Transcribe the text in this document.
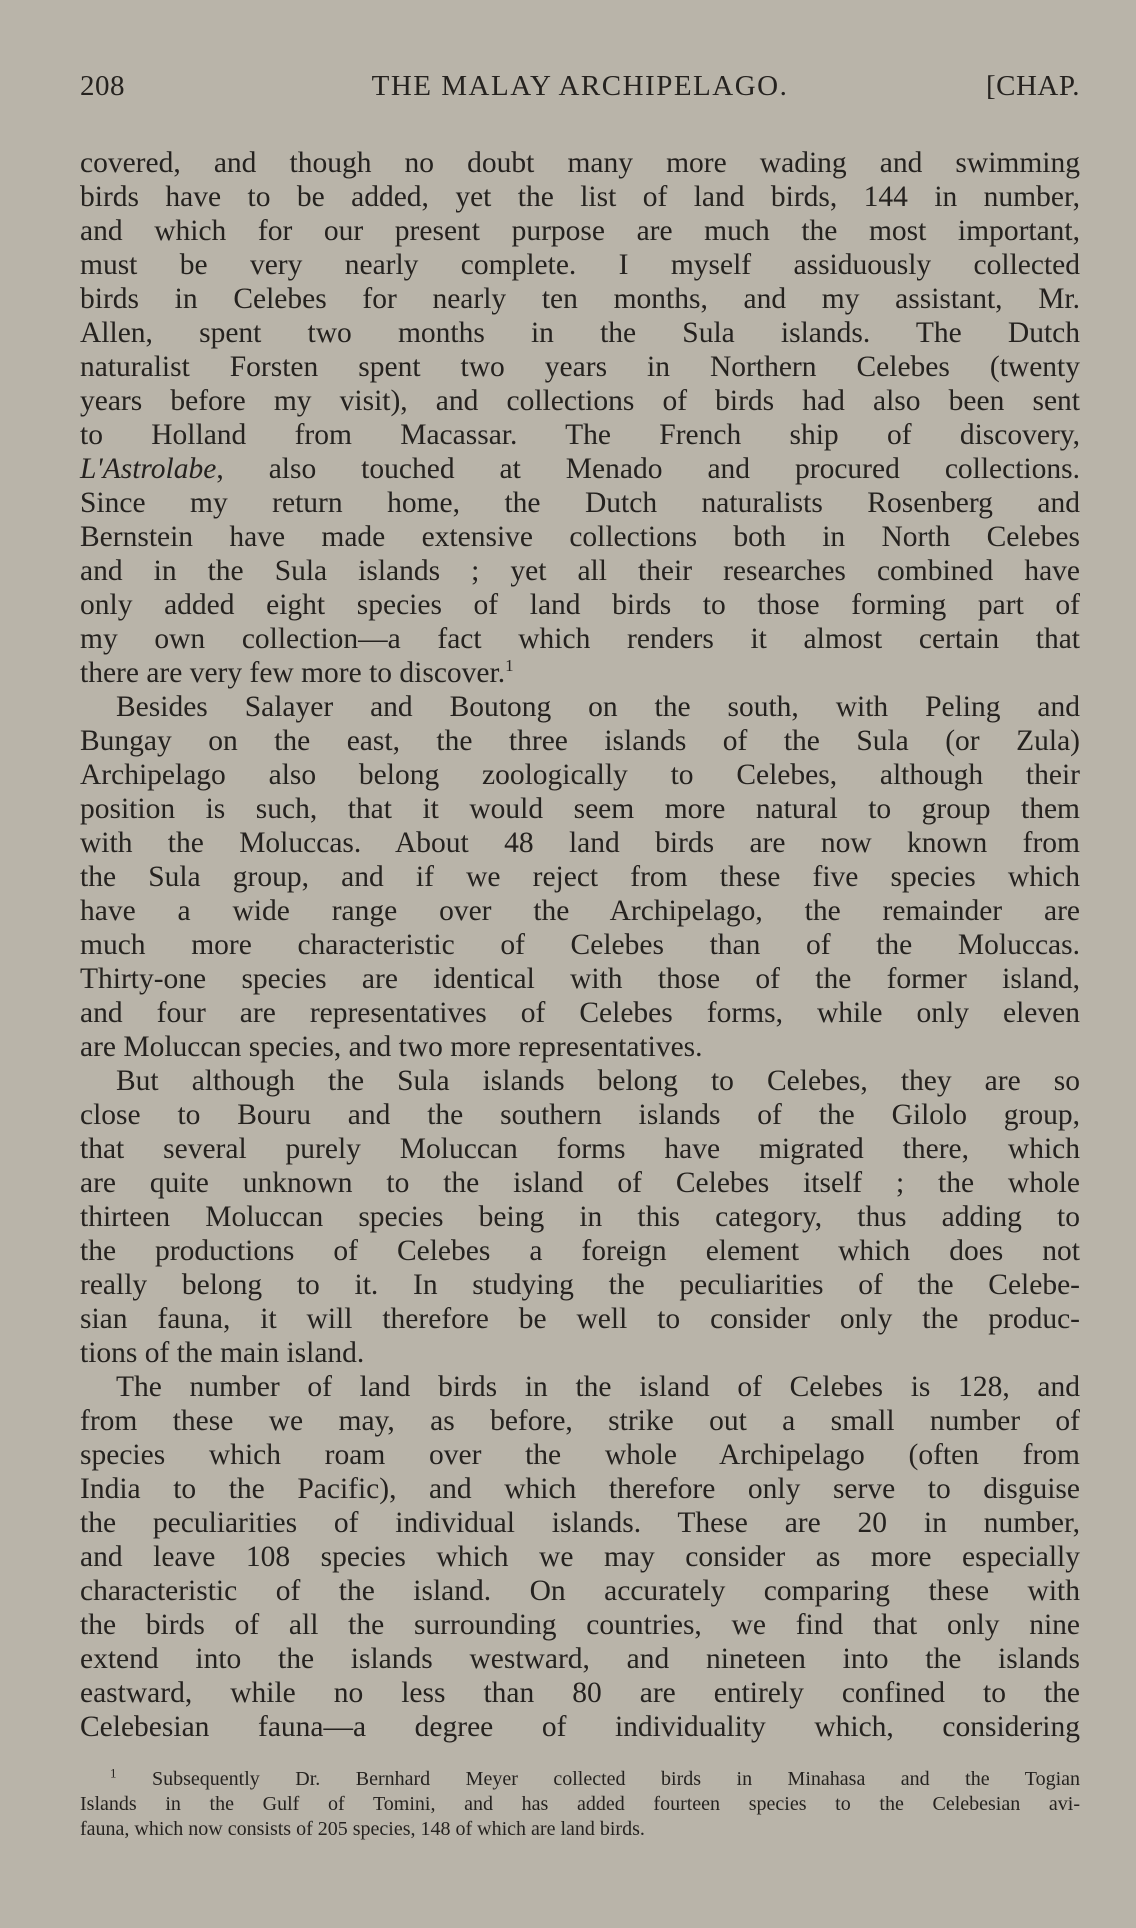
208	THE MALAY ARCHIPELAGO.	[CHAP.
covered, and though no doubt many more wading and swimming
birds have to be added, yet the list of land birds, 144 in number,
and which for our present purpose are much the most important,
must be very nearly complete. I myself assiduously collected
birds in Celebes for nearly ten months, and my assistant, Mr.
Allen, spent two months in the Sula islands. The Dutch
naturalist Forsten spent two years in Northern Celebes (twenty
years before my visit), and collections of birds had also been sent
to Holland from Macassar. The French ship of discovery,
L'Astrolabe, also touched at Menado and procured collections.
Since my return home, the Dutch naturalists Rosenberg and
Bernstein have made extensive collections both in North Celebes
and in the Sula islands ; yet all their researches combined have
only added eight species of land birds to those forming part of
my own collection—a fact which renders it almost certain that
there are very few more to discover.$^1$
Besides Salayer and Boutong on the south, with Peling and
Bungay on the east, the three islands of the Sula (or Zula)
Archipelago also belong zoologically to Celebes, although their
position is such, that it would seem more natural to group them
with the Moluccas. About 48 land birds are now known from
the Sula group, and if we reject from these five species which
have a wide range over the Archipelago, the remainder are
much more characteristic of Celebes than of the Moluccas.
Thirty-one species are identical with those of the former island,
and four are representatives of Celebes forms, while only eleven
are Moluccan species, and two more representatives.
But although the Sula islands belong to Celebes, they are so
close to Bouru and the southern islands of the Gilolo group,
that several purely Moluccan forms have migrated there, which
are quite unknown to the island of Celebes itself ; the whole
thirteen Moluccan species being in this category, thus adding to
the productions of Celebes a foreign element which does not
really belong to it. In studying the peculiarities of the Celebe-
sian fauna, it will therefore be well to consider only the produc-
tions of the main island.
The number of land birds in the island of Celebes is 128, and
from these we may, as before, strike out a small number of
species which roam over the whole Archipelago (often from
India to the Pacific), and which therefore only serve to disguise
the peculiarities of individual islands. These are 20 in number,
and leave 108 species which we may consider as more especially
characteristic of the island. On accurately comparing these with
the birds of all the surrounding countries, we find that only nine
extend into the islands westward, and nineteen into the islands
eastward, while no less than 80 are entirely confined to the
Celebesian fauna—a degree of individuality which, considering
$^1$ Subsequently Dr. Bernhard Meyer collected birds in Minahasa and the Togian
Islands in the Gulf of Tomini, and has added fourteen species to the Celebesian avi-
fauna, which now consists of 205 species, 148 of which are land birds.
